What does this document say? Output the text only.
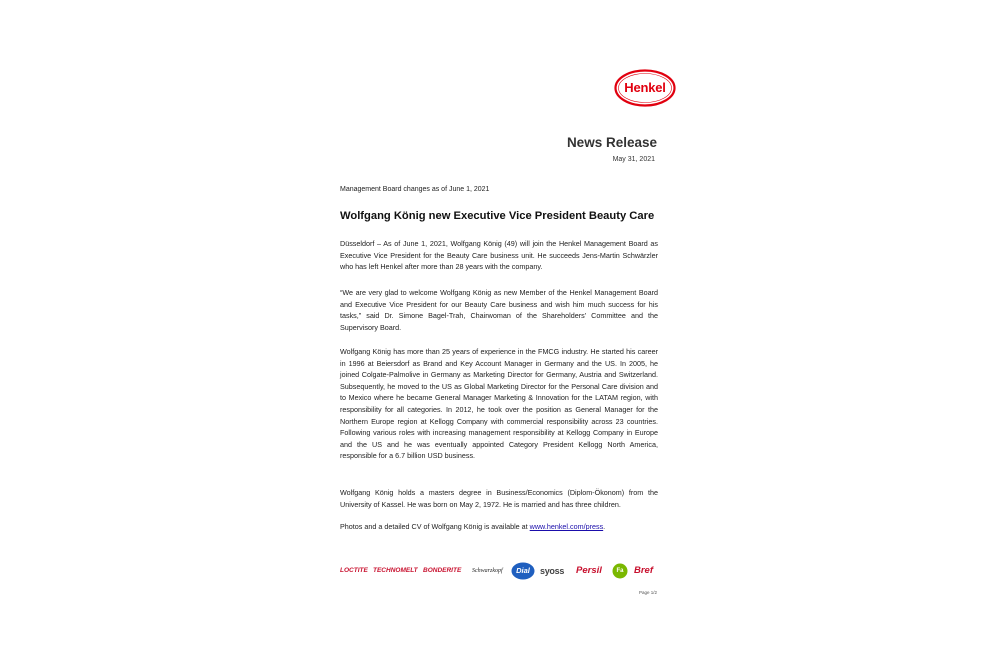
Henkel
News Release
May 31, 2021
Management Board changes as of June 1, 2021
Wolfgang König new Executive Vice President Beauty Care

Düsseldorf – As of June 1, 2021, Wolfgang König (49) will join the Henkel Management Board as Executive Vice President for the Beauty Care business unit. He succeeds Jens-Martin Schwärzler who has left Henkel after more than 28 years with the company.

“We are very glad to welcome Wolfgang König as new Member of the Henkel Management Board and Executive Vice President for our Beauty Care business and wish him much success for his tasks,” said Dr. Simone Bagel-Trah, Chairwoman of the Shareholders’ Committee and the Supervisory Board.

Wolfgang König has more than 25 years of experience in the FMCG industry. He started his career in 1996 at Beiersdorf as Brand and Key Account Manager in Germany and the US. In 2005, he joined Colgate-Palmolive in Germany as Marketing Director for Germany, Austria and Switzerland. Subsequently, he moved to the US as Global Marketing Director for the Personal Care division and to Mexico where he became General Manager Marketing & Innovation for the LATAM region, with responsibility for all categories. In 2012, he took over the position as General Manager for the Northern Europe region at Kellogg Company with commercial responsibility across 23 countries. Following various roles with increasing management responsibility at Kellogg Company in Europe and the US and he was eventually appointed Category President Kellogg North America, responsible for a 6.7 billion USD business.

Wolfgang König holds a masters degree in Business/Economics (Diplom-Ökonom) from the University of Kassel. He was born on May 2, 1972. He is married and has three children.

Photos and a detailed CV of Wolfgang König is available at www.henkel.com/press.

LOCTITE TECHNOMELT BONDERITE Schwarzkopf	Dial	syoss Persil	Fa	Bref
Page 1/2
